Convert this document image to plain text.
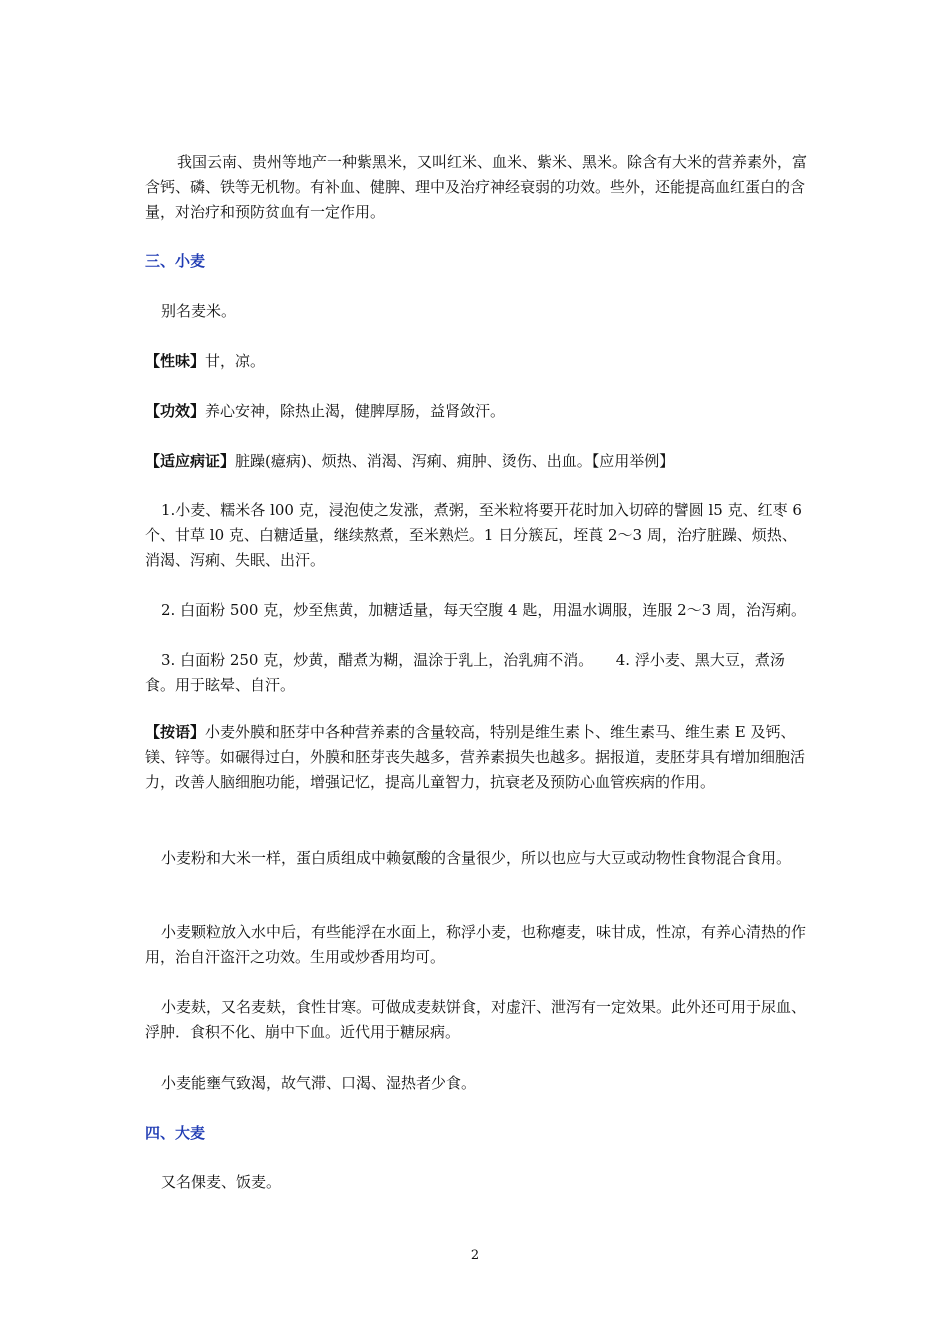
我国云南、贵州等地产一种紫黑米，又叫红米、血米、紫米、黑米。除含有大米的营养素外，富含钙、磷、铁等无机物。有补血、健脾、理中及治疗神经衰弱的功效。些外，还能提高血红蛋白的含量，对治疗和预防贫血有一定作用。

三、小麦

别名麦米。

【性味】甘，凉。

【功效】养心安神，除热止渴，健脾厚肠，益肾敛汗。

【适应病证】脏躁(癔病)、烦热、消渴、泻痢、痈肿、烫伤、出血。【应用举例】

1.小麦、糯米各 l00 克，浸泡使之发涨，煮粥，至米粒将要开花时加入切碎的譬圆 l5 克、红枣 6 个、甘草 l0 克、白糖适量，继续熬煮，至米熟烂。1 日分簇瓦，垤莨 2～3 周，治疗脏躁、烦热、消渴、泻痢、失眠、出汗。

2. 白面粉 500 克，炒至焦黄，加糖适量，每天空腹 4 匙，用温水调服，连服 2～3 周，治泻痢。

3. 白面粉 250 克，炒黄，醋煮为糊，温涂于乳上，治乳痈不消。　　4. 浮小麦、黑大豆，煮汤食。用于眩晕、自汗。

【按语】小麦外膜和胚芽中各种营养素的含量较高，特别是维生素卜、维生素马、维生素 E 及钙、镁、锌等。如碾得过白，外膜和胚芽丧失越多，营养素损失也越多。据报道，麦胚芽具有增加细胞活力，改善人脑细胞功能，增强记忆，提高儿童智力，抗衰老及预防心血管疾病的作用。

小麦粉和大米一样，蛋白质组成中赖氨酸的含量很少，所以也应与大豆或动物性食物混合食用。

小麦颗粒放入水中后，有些能浮在水面上，称浮小麦，也称瘪麦，味甘成，性凉，有养心清热的作用，治自汗盗汗之功效。生用或炒香用均可。

小麦麸，又名麦麸，食性甘寒。可做成麦麸饼食，对虚汗、泄泻有一定效果。此外还可用于尿血、浮肿．食积不化、崩中下血。近代用于糖尿病。

小麦能壅气致渴，故气滞、口渴、湿热者少食。

四、大麦

又名倮麦、饭麦。

2
